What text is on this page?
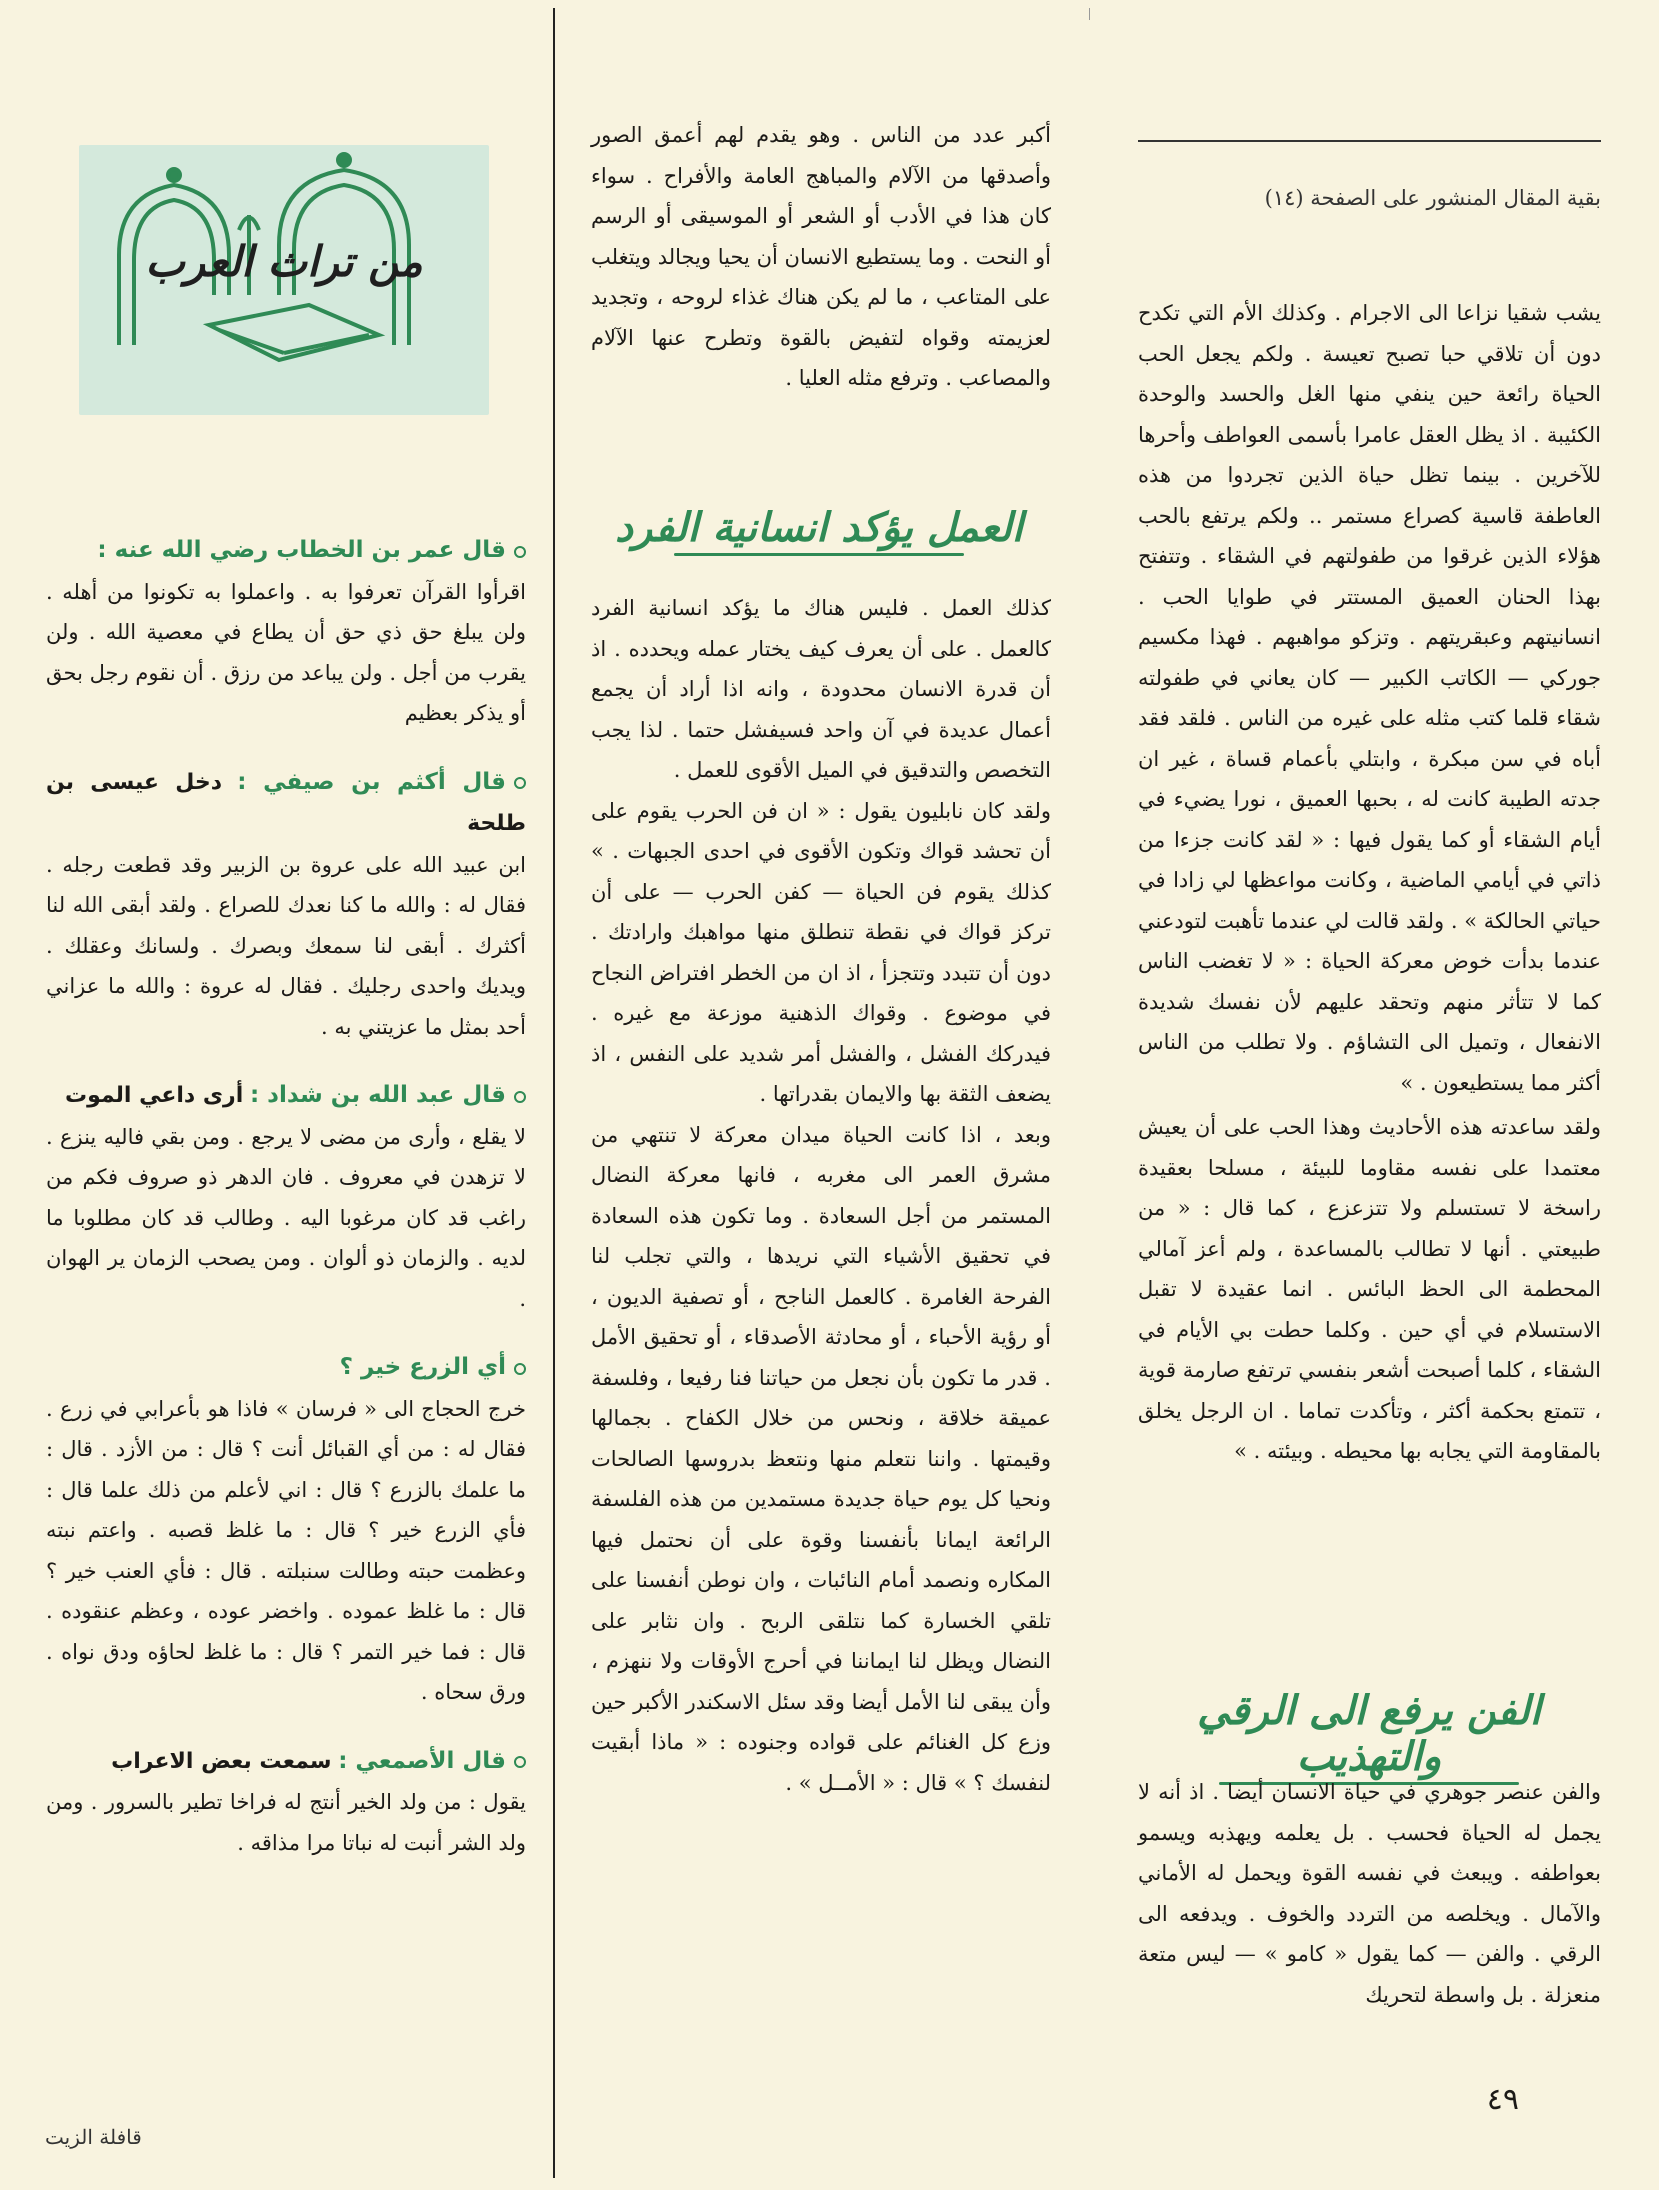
بقية المقال المنشور على الصفحة (١٤)

يشب شقيا نزاعا الى الاجرام . وكذلك الأم التي تكدح دون أن تلاقي حبا تصبح تعيسة . ولكم يجعل الحب الحياة رائعة حين ينفي منها الغل والحسد والوحدة الكئيبة . اذ يظل العقل عامرا بأسمى العواطف وأحرها للآخرين . بينما تظل حياة الذين تجردوا من هذه العاطفة قاسية كصراع مستمر .. ولكم يرتفع بالحب هؤلاء الذين غرقوا من طفولتهم في الشقاء . وتتفتح بهذا الحنان العميق المستتر في طوايا الحب . انسانيتهم وعبقريتهم . وتزكو مواهبهم . فهذا مكسيم جوركي — الكاتب الكبير — كان يعاني في طفولته شقاء قلما كتب مثله على غيره من الناس . فلقد فقد أباه في سن مبكرة ، وابتلي بأعمام قساة ، غير ان جدته الطيبة كانت له ، بحبها العميق ، نورا يضيء في أيام الشقاء أو كما يقول فيها : « لقد كانت جزءا من ذاتي في أيامي الماضية ، وكانت مواعظها لي زادا في حياتي الحالكة » . ولقد قالت لي عندما تأهبت لتودعني عندما بدأت خوض معركة الحياة : « لا تغضب الناس كما لا تتأثر منهم وتحقد عليهم لأن نفسك شديدة الانفعال ، وتميل الى التشاؤم . ولا تطلب من الناس أكثر مما يستطيعون . »

ولقد ساعدته هذه الأحاديث وهذا الحب على أن يعيش معتمدا على نفسه مقاوما للبيئة ، مسلحا بعقيدة راسخة لا تستسلم ولا تتزعزع ، كما قال : « من طبيعتي . أنها لا تطالب بالمساعدة ، ولم أعز آمالي المحطمة الى الحظ البائس . انما عقيدة لا تقبل الاستسلام في أي حين . وكلما حطت بي الأيام في الشقاء ، كلما أصبحت أشعر بنفسي ترتفع صارمة قوية ، تتمتع بحكمة أكثر ، وتأكدت تماما . ان الرجل يخلق بالمقاومة التي يجابه بها محيطه . وبيئته . »

الفن يرفع الى الرقي والتهذيب

والفن عنصر جوهري في حياة الانسان أيضا . اذ أنه لا يجمل له الحياة فحسب . بل يعلمه ويهذبه ويسمو بعواطفه . ويبعث في نفسه القوة ويحمل له الأماني والآمال . ويخلصه من التردد والخوف . ويدفعه الى الرقي . والفن — كما يقول « كامو » — ليس متعة منعزلة . بل واسطة لتحريك

٤٩

أكبر عدد من الناس . وهو يقدم لهم أعمق الصور وأصدقها من الآلام والمباهج العامة والأفراح . سواء كان هذا في الأدب أو الشعر أو الموسيقى أو الرسم أو النحت . وما يستطيع الانسان أن يحيا ويجالد ويتغلب على المتاعب ، ما لم يكن هناك غذاء لروحه ، وتجديد لعزيمته وقواه لتفيض بالقوة وتطرح عنها الآلام والمصاعب . وترفع مثله العليا .

العمل يؤكد انسانية الفرد

كذلك العمل . فليس هناك ما يؤكد انسانية الفرد كالعمل . على أن يعرف كيف يختار عمله ويحدده . اذ أن قدرة الانسان محدودة ، وانه اذا أراد أن يجمع أعمال عديدة في آن واحد فسيفشل حتما . لذا يجب التخصص والتدقيق في الميل الأقوى للعمل .

ولقد كان نابليون يقول : « ان فن الحرب يقوم على أن تحشد قواك وتكون الأقوى في احدى الجبهات . » كذلك يقوم فن الحياة — كفن الحرب — على أن تركز قواك في نقطة تنطلق منها مواهبك وارادتك . دون أن تتبدد وتتجزأ ، اذ ان من الخطر افتراض النجاح في موضوع . وقواك الذهنية موزعة مع غيره . فيدركك الفشل ، والفشل أمر شديد على النفس ، اذ يضعف الثقة بها والايمان بقدراتها .

وبعد ، اذا كانت الحياة ميدان معركة لا تنتهي من مشرق العمر الى مغربه ، فانها معركة النضال المستمر من أجل السعادة . وما تكون هذه السعادة في تحقيق الأشياء التي نريدها ، والتي تجلب لنا الفرحة الغامرة . كالعمل الناجح ، أو تصفية الديون ، أو رؤية الأحباء ، أو محادثة الأصدقاء ، أو تحقيق الأمل . قدر ما تكون بأن نجعل من حياتنا فنا رفيعا ، وفلسفة عميقة خلاقة ، ونحس من خلال الكفاح . بجمالها وقيمتها . واننا نتعلم منها ونتعظ بدروسها الصالحات ونحيا كل يوم حياة جديدة مستمدين من هذه الفلسفة الرائعة ايمانا بأنفسنا وقوة على أن نحتمل فيها المكاره ونصمد أمام النائبات ، وان نوطن أنفسنا على تلقي الخسارة كما نتلقى الربح . وان نثابر على النضال ويظل لنا ايماننا في أحرج الأوقات ولا ننهزم ، وأن يبقى لنا الأمل أيضا وقد سئل الاسكندر الأكبر حين وزع كل الغنائم على قواده وجنوده : « ماذا أبقيت لنفسك ؟ » قال : « الأمــل » .

من تراث العرب

قال عمر بن الخطاب رضي الله عنه :

اقرأوا القرآن تعرفوا به . واعملوا به تكونوا من أهله . ولن يبلغ حق ذي حق أن يطاع في معصية الله . ولن يقرب من أجل . ولن يباعد من رزق . أن نقوم رجل بحق أو يذكر بعظيم

قال أكثم بن صيفي : دخل عيسى بن طلحة

ابن عبيد الله على عروة بن الزبير وقد قطعت رجله . فقال له : والله ما كنا نعدك للصراع . ولقد أبقى الله لنا أكثرك . أبقى لنا سمعك وبصرك . ولسانك وعقلك . ويديك واحدى رجليك . فقال له عروة : والله ما عزاني أحد بمثل ما عزيتني به .

قال عبد الله بن شداد : أرى داعي الموت

لا يقلع ، وأرى من مضى لا يرجع . ومن بقي فاليه ينزع . لا تزهدن في معروف . فان الدهر ذو صروف فكم من راغب قد كان مرغوبا اليه . وطالب قد كان مطلوبا ما لديه . والزمان ذو ألوان . ومن يصحب الزمان ير الهوان .

أي الزرع خير ؟

خرج الحجاج الى « فرسان » فاذا هو بأعرابي في زرع . فقال له : من أي القبائل أنت ؟ قال : من الأزد . قال : ما علمك بالزرع ؟ قال : اني لأعلم من ذلك علما قال : فأي الزرع خير ؟ قال : ما غلظ قصبه . واعتم نبته وعظمت حبته وطالت سنبلته . قال : فأي العنب خير ؟ قال : ما غلظ عموده . واخضر عوده ، وعظم عنقوده . قال : فما خير التمر ؟ قال : ما غلظ لحاؤه ودق نواه . ورق سحاه .

قال الأصمعي : سمعت بعض الاعراب

يقول : من ولد الخير أنتج له فراخا تطير بالسرور . ومن ولد الشر أنبت له نباتا مرا مذاقه .

قافلة الزيت
